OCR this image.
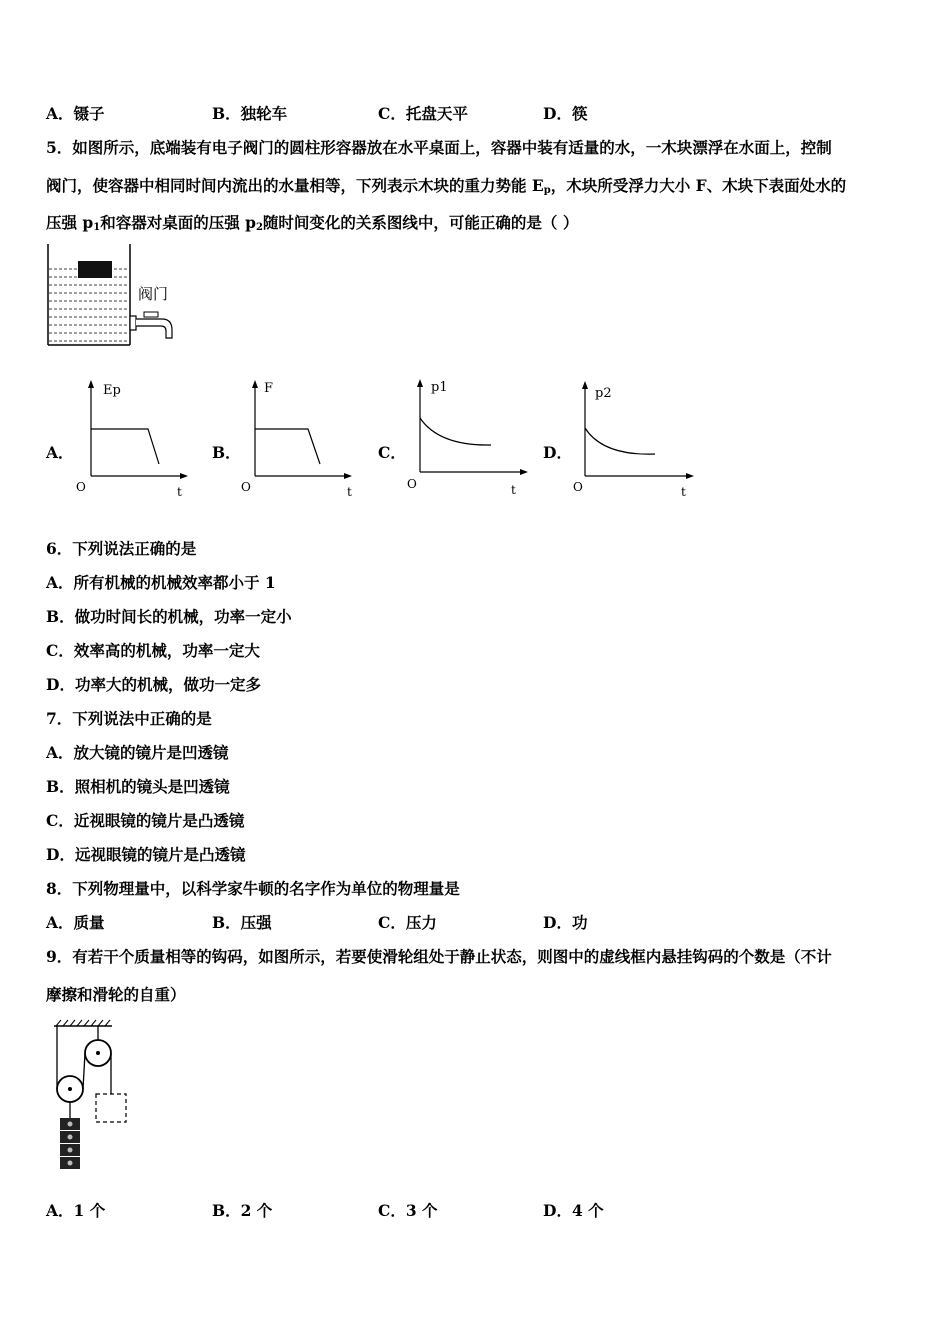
A．镊子	B．独轮车	C．托盘天平	D．筷
5．如图所示，底端装有电子阀门的圆柱形容器放在水平桌面上，容器中装有适量的水，一木块漂浮在水面上，控制
阀门，使容器中相同时间内流出的水量相等，下列表示木块的重力势能 $E_p$，木块所受浮力大小 F、木块下表面处水的
压强 $p_1$和容器对桌面的压强 $p_2$随时间变化的关系图线中，可能正确的是（ ）
阀门
A．
Ep
O	t
B．
F
O	t
C．
p1
O	t
D．
p2
O	t
6．下列说法正确的是
A．所有机械的机械效率都小于 1
B．做功时间长的机械，功率一定小
C．效率高的机械，功率一定大
D．功率大的机械，做功一定多
7．下列说法中正确的是
A．放大镜的镜片是凹透镜
B．照相机的镜头是凹透镜
C．近视眼镜的镜片是凸透镜
D．远视眼镜的镜片是凸透镜
8．下列物理量中，以科学家牛顿的名字作为单位的物理量是
A．质量	B．压强	C．压力	D．功
9．有若干个质量相等的钩码，如图所示，若要使滑轮组处于静止状态，则图中的虚线框内悬挂钩码的个数是（不计
摩擦和滑轮的自重）
A．1 个	B．2 个	C．3 个	D．4 个
